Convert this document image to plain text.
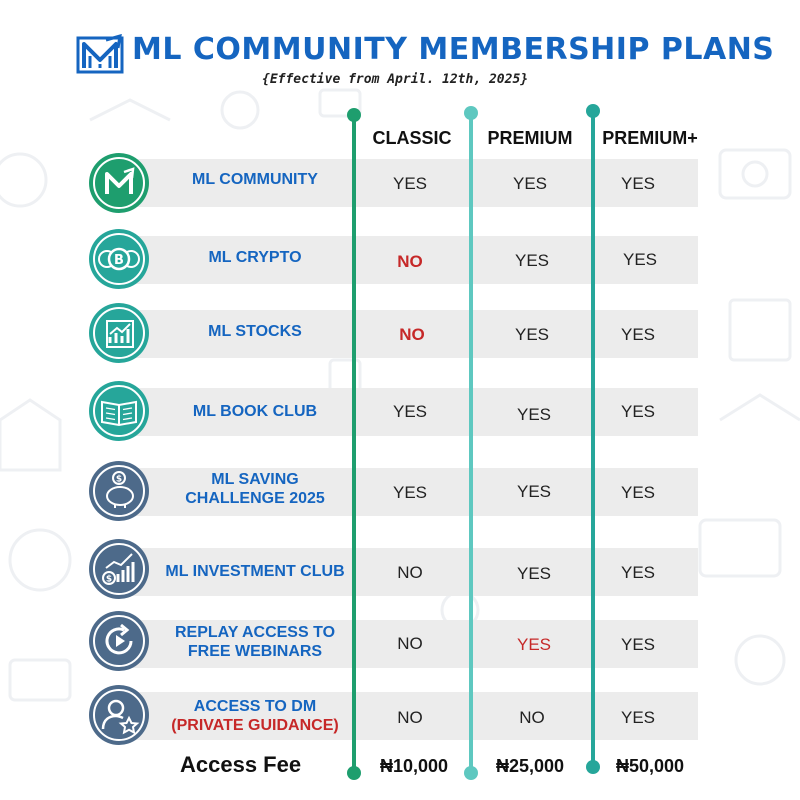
ML COMMUNITY MEMBERSHIP PLANS
{Effective from April. 12th, 2025}
CLASSIC	PREMIUM	PREMIUM+
ML COMMUNITY	YES	YES	YES
B	ML CRYPTO	NO	YES	YES
ML STOCKS	NO	YES	YES
ML BOOK CLUB	YES	YES	YES
$	ML SAVING
CHALLENGE 2025	YES	YES	YES
$	ML INVESTMENT CLUB	NO	YES	YES
REPLAY ACCESS TO
FREE WEBINARS	NO	YES	YES
ACCESS TO DM
(PRIVATE GUIDANCE)	NO	NO	YES
Access Fee	₦10,000	₦25,000	₦50,000
